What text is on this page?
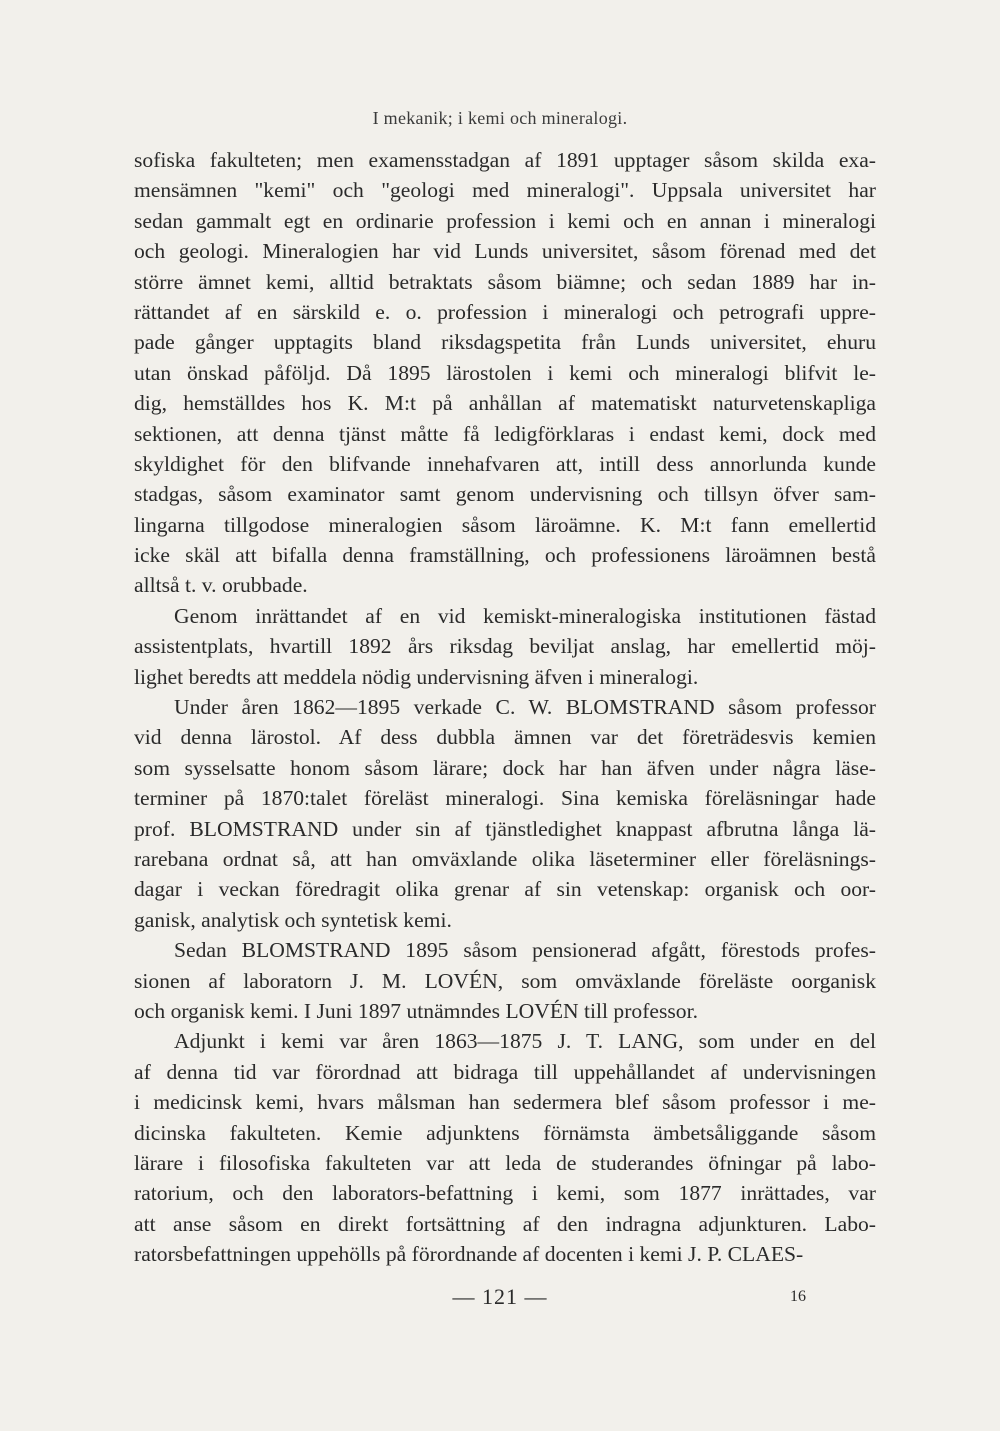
I mekanik; i kemi och mineralogi.
sofiska fakulteten; men examensstadgan af 1891 upptager såsom skilda exa-
mensämnen "kemi" och "geologi med mineralogi". Uppsala universitet har
sedan gammalt egt en ordinarie profession i kemi och en annan i mineralogi
och geologi. Mineralogien har vid Lunds universitet, såsom förenad med det
större ämnet kemi, alltid betraktats såsom biämne; och sedan 1889 har in-
rättandet af en särskild e. o. profession i mineralogi och petrografi uppre-
pade gånger upptagits bland riksdagspetita från Lunds universitet, ehuru
utan önskad påföljd. Då 1895 lärostolen i kemi och mineralogi blifvit le-
dig, hemställdes hos K. M:t på anhållan af matematiskt naturvetenskapliga
sektionen, att denna tjänst måtte få ledigförklaras i endast kemi, dock med
skyldighet för den blifvande innehafvaren att, intill dess annorlunda kunde
stadgas, såsom examinator samt genom undervisning och tillsyn öfver sam-
lingarna tillgodose mineralogien såsom läroämne. K. M:t fann emellertid
icke skäl att bifalla denna framställning, och professionens läroämnen bestå
alltså t. v. orubbade.
Genom inrättandet af en vid kemiskt-mineralogiska institutionen fästad
assistentplats, hvartill 1892 års riksdag beviljat anslag, har emellertid möj-
lighet beredts att meddela nödig undervisning äfven i mineralogi.
Under åren 1862—1895 verkade C. W. BLOMSTRAND såsom professor
vid denna lärostol. Af dess dubbla ämnen var det företrädesvis kemien
som sysselsatte honom såsom lärare; dock har han äfven under några läse-
terminer på 1870:talet föreläst mineralogi. Sina kemiska föreläsningar hade
prof. BLOMSTRAND under sin af tjänstledighet knappast afbrutna långa lä-
rarebana ordnat så, att han omväxlande olika läseterminer eller föreläsnings-
dagar i veckan föredragit olika grenar af sin vetenskap: organisk och oor-
ganisk, analytisk och syntetisk kemi.
Sedan BLOMSTRAND 1895 såsom pensionerad afgått, förestods profes-
sionen af laboratorn J. M. LOVÉN, som omväxlande föreläste oorganisk
och organisk kemi. I Juni 1897 utnämndes LOVÉN till professor.
Adjunkt i kemi var åren 1863—1875 J. T. LANG, som under en del
af denna tid var förordnad att bidraga till uppehållandet af undervisningen
i medicinsk kemi, hvars målsman han sedermera blef såsom professor i me-
dicinska fakulteten. Kemie adjunktens förnämsta ämbetsåliggande såsom
lärare i filosofiska fakulteten var att leda de studerandes öfningar på labo-
ratorium, och den laborators-befattning i kemi, som 1877 inrättades, var
att anse såsom en direkt fortsättning af den indragna adjunkturen. Labo-
ratorsbefattningen uppehölls på förordnande af docenten i kemi J. P. CLAES-
— 121 —	16
